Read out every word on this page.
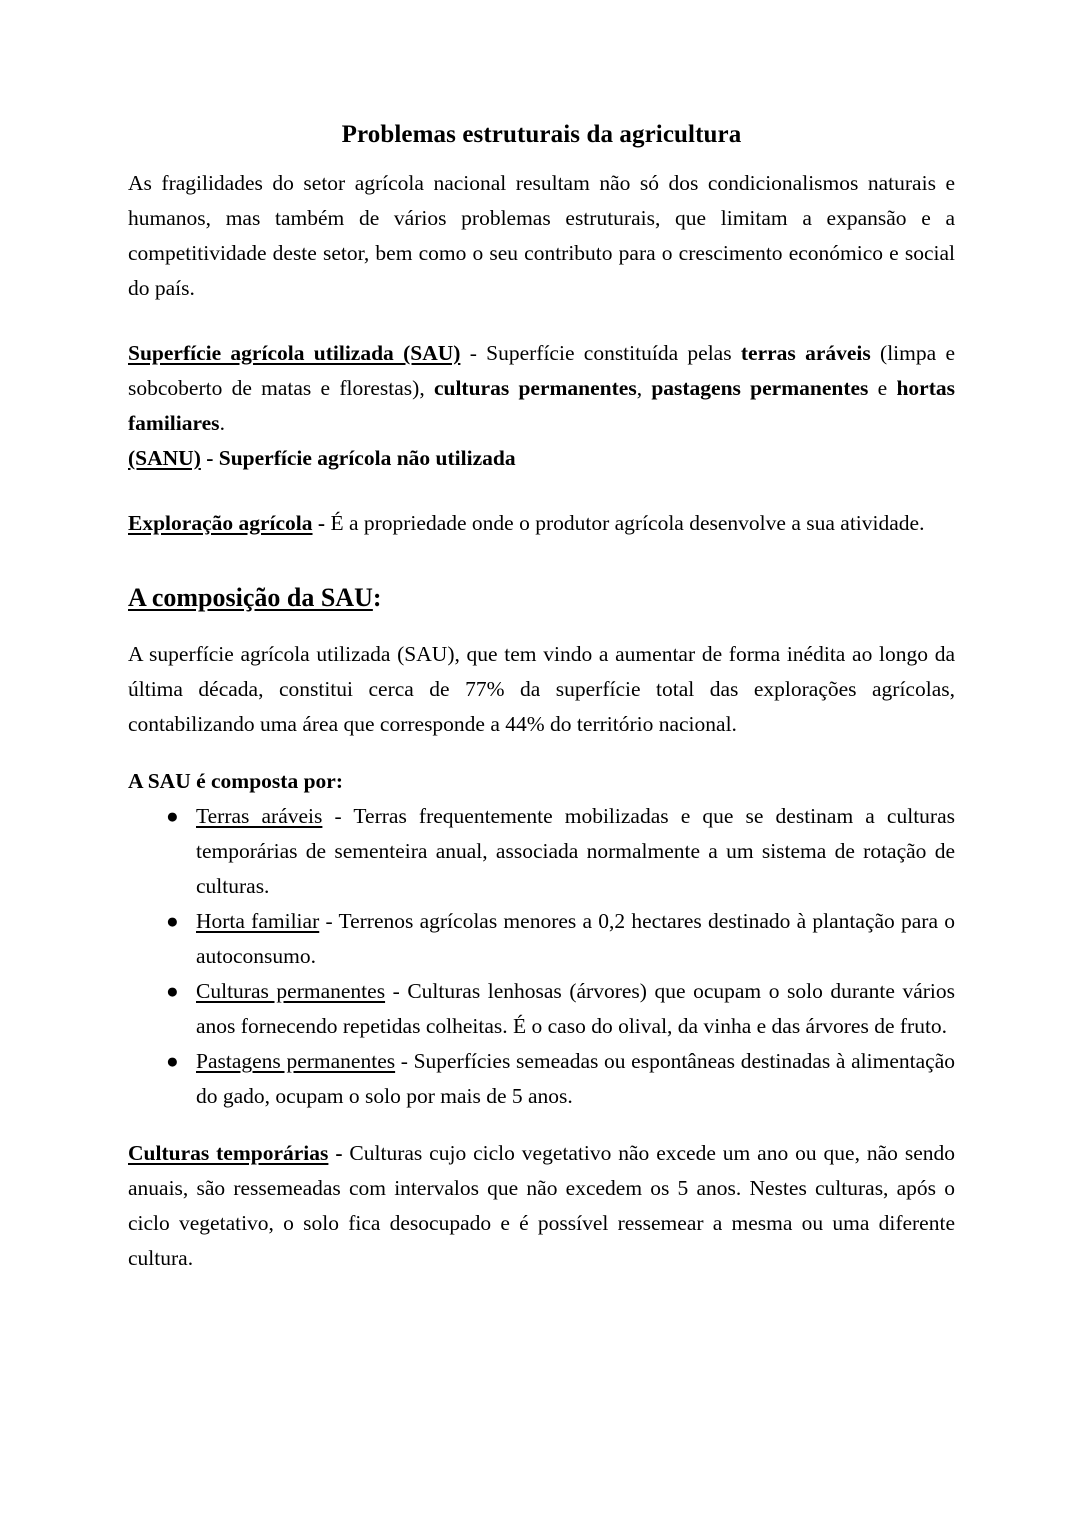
Problemas estruturais da agricultura

As fragilidades do setor agrícola nacional resultam não só dos condicionalismos naturais e humanos, mas também de vários problemas estruturais, que limitam a expansão e a competitividade deste setor, bem como o seu contributo para o crescimento económico e social do país.

Superfície agrícola utilizada (SAU) - Superfície constituída pelas terras aráveis (limpa e sobcoberto de matas e florestas), culturas permanentes, pastagens permanentes e hortas familiares.

(SANU) - Superfície agrícola não utilizada

Exploração agrícola - É a propriedade onde o produtor agrícola desenvolve a sua atividade.

A composição da SAU:

A superfície agrícola utilizada (SAU), que tem vindo a aumentar de forma inédita ao longo da última década, constitui cerca de 77% da superfície total das explorações agrícolas, contabilizando uma área que corresponde a 44% do território nacional.

A SAU é composta por:

● Terras aráveis - Terras frequentemente mobilizadas e que se destinam a culturas temporárias de sementeira anual, associada normalmente a um sistema de rotação de culturas.
● Horta familiar - Terrenos agrícolas menores a 0,2 hectares destinado à plantação para o autoconsumo.
● Culturas permanentes - Culturas lenhosas (árvores) que ocupam o solo durante vários anos fornecendo repetidas colheitas. É o caso do olival, da vinha e das árvores de fruto.
● Pastagens permanentes - Superfícies semeadas ou espontâneas destinadas à alimentação do gado, ocupam o solo por mais de 5 anos.

Culturas temporárias - Culturas cujo ciclo vegetativo não excede um ano ou que, não sendo anuais, são ressemeadas com intervalos que não excedem os 5 anos. Nestes culturas, após o ciclo vegetativo, o solo fica desocupado e é possível ressemear a mesma ou uma diferente cultura.
